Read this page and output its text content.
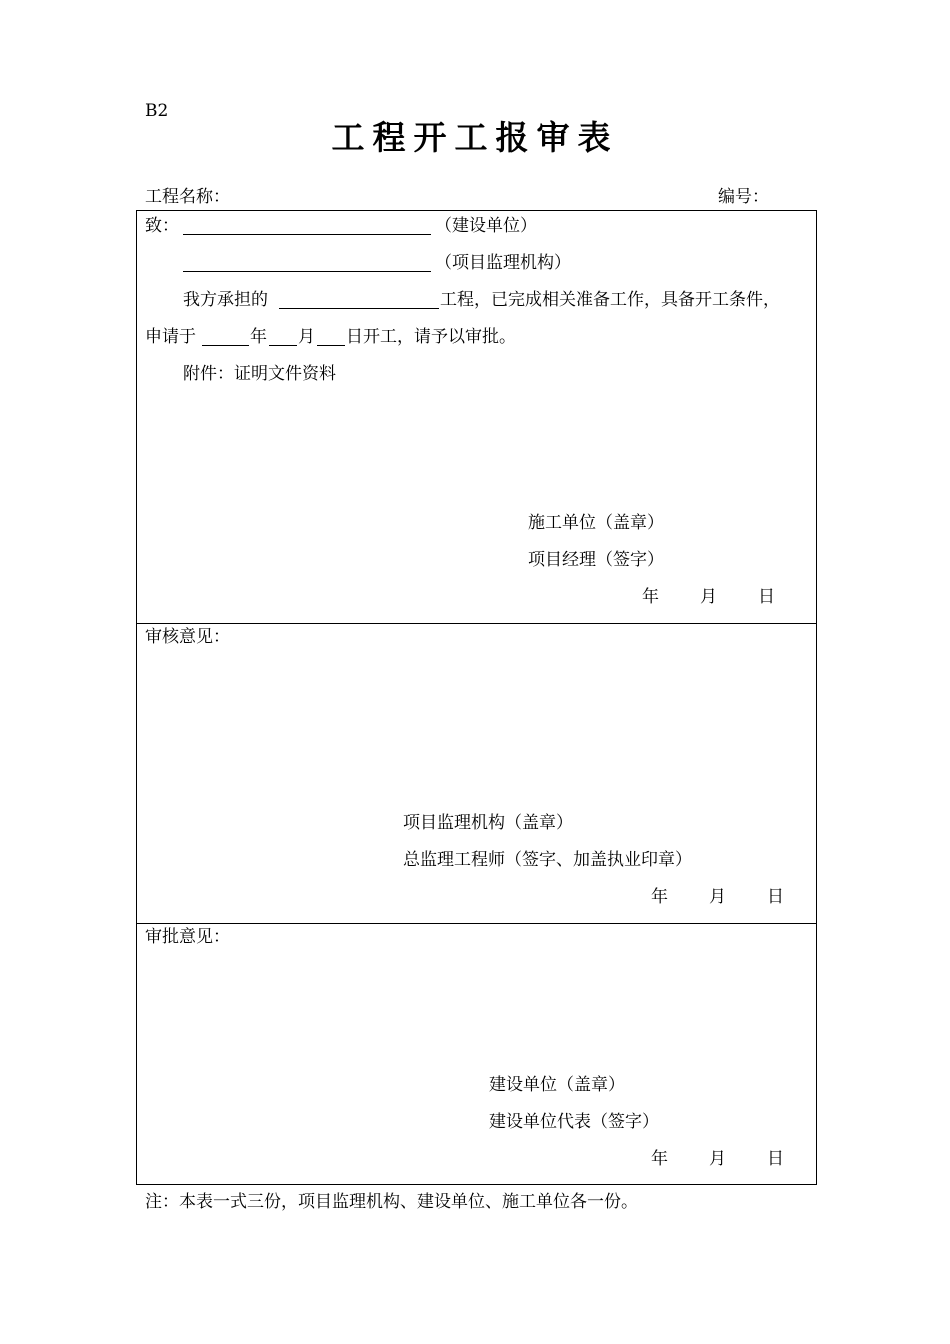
B2
工程开工报审表
工程名称：	编号：
致：	（建设单位）
（项目监理机构）
我方承担的	工程，已完成相关准备工作，具备开工条件，
申请于	年 月 日开工，请予以审批。
附件：证明文件资料
施工单位（盖章）
项目经理（签字）
年 月 日
审核意见：
项目监理机构（盖章）
总监理工程师（签字、加盖执业印章）
年 月 日
审批意见：
建设单位（盖章）
建设单位代表（签字）
年 月 日
注：本表一式三份，项目监理机构、建设单位、施工单位各一份。
